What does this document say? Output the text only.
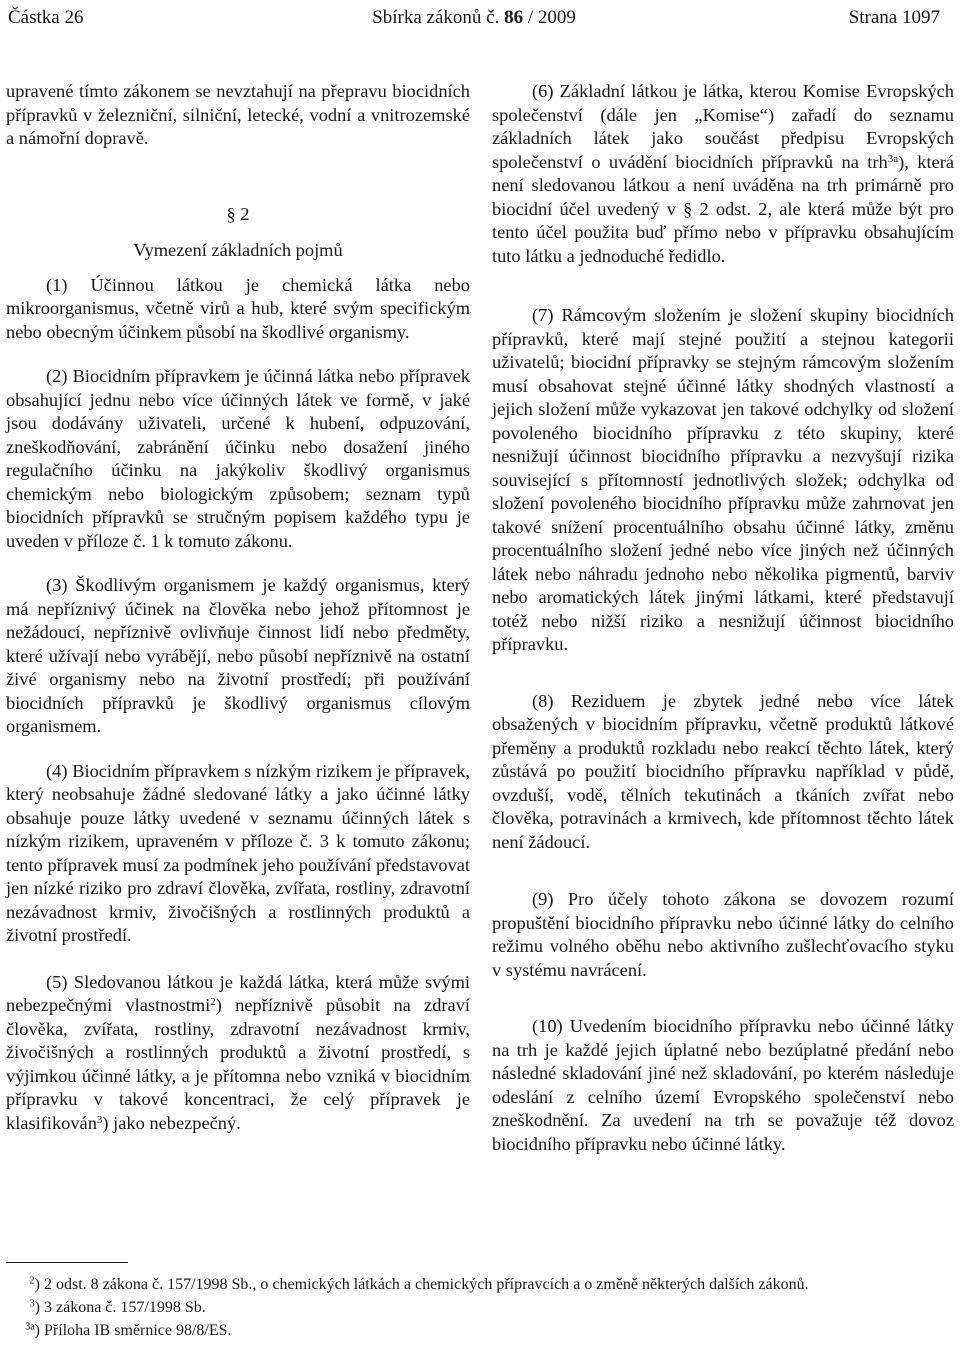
Částka 26	Sbírka zákonů č. 86 / 2009	Strana 1097

upravené tímto zákonem se nevztahují na přepravu biocidních přípravků v železniční, silniční, letecké, vodní a vnitrozemské a námořní dopravě.

§ 2
Vymezení základních pojmů

(1) Účinnou látkou je chemická látka nebo mikroorganismus, včetně virů a hub, které svým specifickým nebo obecným účinkem působí na škodlivé organismy.

(2) Biocidním přípravkem je účinná látka nebo přípravek obsahující jednu nebo více účinných látek ve formě, v jaké jsou dodávány uživateli, určené k hubení, odpuzování, zneškodňování, zabránění účinku nebo dosažení jiného regulačního účinku na jakýkoliv škodlivý organismus chemickým nebo biologickým způsobem; seznam typů biocidních přípravků se stručným popisem každého typu je uveden v příloze č. 1 k tomuto zákonu.

(3) Škodlivým organismem je každý organismus, který má nepříznivý účinek na člověka nebo jehož přítomnost je nežádoucí, nepříznivě ovlivňuje činnost lidí nebo předměty, které užívají nebo vyrábějí, nebo působí nepříznivě na ostatní živé organismy nebo na životní prostředí; při používání biocidních přípravků je škodlivý organismus cílovým organismem.

(4) Biocidním přípravkem s nízkým rizikem je přípravek, který neobsahuje žádné sledované látky a jako účinné látky obsahuje pouze látky uvedené v seznamu účinných látek s nízkým rizikem, upraveném v příloze č. 3 k tomuto zákonu; tento přípravek musí za podmínek jeho používání představovat jen nízké riziko pro zdraví člověka, zvířata, rostliny, zdravotní nezávadnost krmiv, živočišných a rostlinných produktů a životní prostředí.

(5) Sledovanou látkou je každá látka, která může svými nebezpečnými vlastnostmi$^2$) nepříznivě působit na zdraví člověka, zvířata, rostliny, zdravotní nezávadnost krmiv, živočišných a rostlinných produktů a životní prostředí, s výjimkou účinné látky, a je přítomna nebo vzniká v biocidním přípravku v takové koncentraci, že celý přípravek je klasifikován$^3$) jako nebezpečný.

(6) Základní látkou je látka, kterou Komise Evropských společenství (dále jen „Komise“) zařadí do seznamu základních látek jako součást předpisu Evropských společenství o uvádění biocidních přípravků na trh$^{3a}$), která není sledovanou látkou a není uváděna na trh primárně pro biocidní účel uvedený v § 2 odst. 2, ale která může být pro tento účel použita buď přímo nebo v přípravku obsahujícím tuto látku a jednoduché ředidlo.

(7) Rámcovým složením je složení skupiny biocidních přípravků, které mají stejné použití a stejnou kategorii uživatelů; biocidní přípravky se stejným rámcovým složením musí obsahovat stejné účinné látky shodných vlastností a jejich složení může vykazovat jen takové odchylky od složení povoleného biocidního přípravku z této skupiny, které nesnižují účinnost biocidního přípravku a nezvyšují rizika související s přítomností jednotlivých složek; odchylka od složení povoleného biocidního přípravku může zahrnovat jen takové snížení procentuálního obsahu účinné látky, změnu procentuálního složení jedné nebo více jiných než účinných látek nebo náhradu jednoho nebo několika pigmentů, barviv nebo aromatických látek jinými látkami, které představují totéž nebo nižší riziko a nesnižují účinnost biocidního přípravku.

(8) Reziduem je zbytek jedné nebo více látek obsažených v biocidním přípravku, včetně produktů látkové přeměny a produktů rozkladu nebo reakcí těchto látek, který zůstává po použití biocidního přípravku například v půdě, ovzduší, vodě, tělních tekutinách a tkáních zvířat nebo člověka, potravinách a krmivech, kde přítomnost těchto látek není žádoucí.

(9) Pro účely tohoto zákona se dovozem rozumí propuštění biocidního přípravku nebo účinné látky do celního režimu volného oběhu nebo aktivního zušlechťovacího styku v systému navrácení.

(10) Uvedením biocidního přípravku nebo účinné látky na trh je každé jejich úplatné nebo bezúplatné předání nebo následné skladování jiné než skladování, po kterém následuje odeslání z celního území Evropského společenství nebo zneškodnění. Za uvedení na trh se považuje též dovoz biocidního přípravku nebo účinné látky.

$^2$) 2 odst. 8 zákona č. 157/1998 Sb., o chemických látkách a chemických přípravcích a o změně některých dalších zákonů.
$^3$) 3 zákona č. 157/1998 Sb.
$^{3a}$) Příloha IB směrnice 98/8/ES.
